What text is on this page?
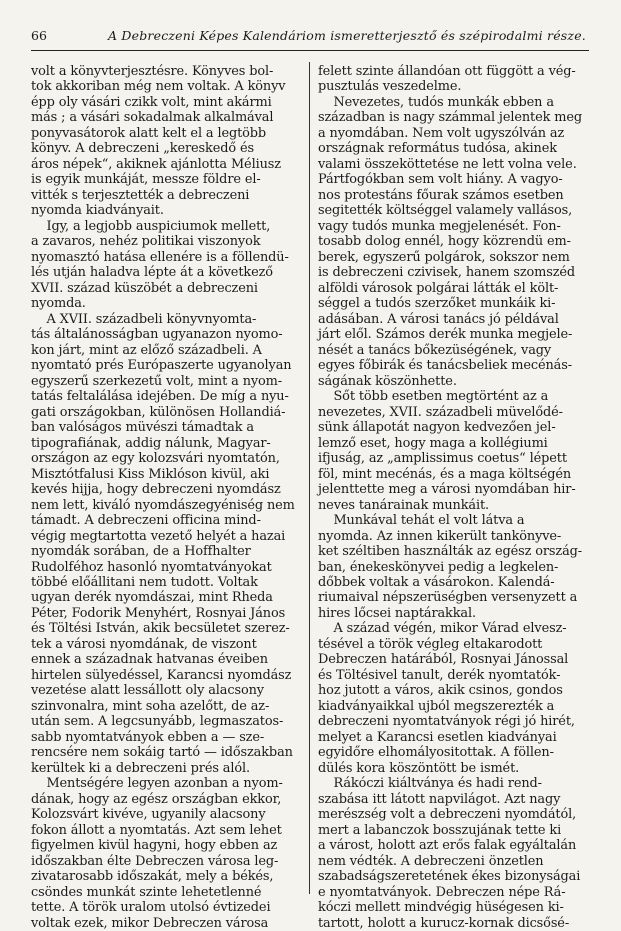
66	A Debreczeni Képes Kalendáriom ismeretterjesztő és szépirodalmi része.

volt a könyvterjesztésre. Könyves bol-
tok akkoriban még nem voltak. A könyv
épp oly vásári czikk volt, mint akármi
más ; a vásári sokadalmak alkalmával
ponyvasátorok alatt kelt el a legtöbb
könyv. A debreczeni „kereskedő és
áros népek“, akiknek ajánlotta Méliusz
is egyik munkáját, messze földre el-
vitték s terjesztették a debreczeni
nyomda kiadványait.
Igy, a legjobb auspiciumok mellett,
a zavaros, nehéz politikai viszonyok
nyomasztó hatása ellenére is a föllendü-
lés utján haladva lépte át a következő
XVII. század küszöbét a debreczeni
nyomda.
A XVII. századbeli könyvnyomta-
tás általánosságban ugyanazon nyomo-
kon járt, mint az előző századbeli. A
nyomtató prés Európaszerte ugyanolyan
egyszerű szerkezetű volt, mint a nyom-
tatás feltalálása idejében. De míg a nyu-
gati országokban, különösen Hollandiá-
ban valóságos müvészi támadtak a
tipografiának, addig nálunk, Magyar-
országon az egy kolozsvári nyomtatón,
Misztótfalusi Kiss Miklóson kivül, aki
kevés hijja, hogy debreczeni nyomdász
nem lett, kiváló nyomdászegyéniség nem
támadt. A debreczeni officina mind-
végig megtartotta vezető helyét a hazai
nyomdák sorában, de a Hoffhalter
Rudolféhoz hasonló nyomtatványokat
többé előállitani nem tudott. Voltak
ugyan derék nyomdászai, mint Rheda
Péter, Fodorik Menyhért, Rosnyai János
és Töltési István, akik becsületet szerez-
tek a városi nyomdának, de viszont
ennek a századnak hatvanas éveiben
hirtelen sülyedéssel, Karancsi nyomdász
vezetése alatt lessállott oly alacsony
szinvonalra, mint soha azelőtt, de az-
után sem. A legcsunyább, legmaszatos-
sabb nyomtatványok ebben a — sze-
rencsére nem sokáig tartó — időszakban
kerültek ki a debreczeni prés alól.
Mentségére legyen azonban a nyom-
dának, hogy az egész országban ekkor,
Kolozsvárt kivéve, ugyanily alacsony
fokon állott a nyomtatás. Azt sem lehet
figyelmen kivül hagyni, hogy ebben az
időszakban élte Debreczen városa leg-
zivatarosabb időszakát, mely a békés,
csöndes munkát szinte lehetetlenné
tette. A török uralom utolsó évtizedei
voltak ezek, mikor Debreczen városa

felett szinte állandóan ott függött a vég-
pusztulás veszedelme.
Nevezetes, tudós munkák ebben a
században is nagy számmal jelentek meg
a nyomdában. Nem volt ugyszólván az
országnak református tudósa, akinek
valami összeköttetése ne lett volna vele.
Pártfogókban sem volt hiány. A vagyo-
nos protestáns főurak számos esetben
segitették költséggel valamely vallásos,
vagy tudós munka megjelenését. Fon-
tosabb dolog ennél, hogy közrendü em-
berek, egyszerű polgárok, sokszor nem
is debreczeni czivisek, hanem szomszéd
alföldi városok polgárai látták el költ-
séggel a tudós szerzőket munkáik ki-
adásában. A városi tanács jó példával
járt elől. Számos derék munka megjele-
nését a tanács bőkezüségének, vagy
egyes főbirák és tanácsbeliek mecénás-
ságának köszönhette.
Sőt több esetben megtörtént az a
nevezetes, XVII. századbeli müvelődé-
sünk állapotát nagyon kedvezően jel-
lemző eset, hogy maga a kollégiumi
ifjuság, az „amplissimus coetus“ lépett
föl, mint mecénás, és a maga költségén
jelenttette meg a városi nyomdában hir-
neves tanárainak munkáit.
Munkával tehát el volt látva a
nyomda. Az innen kikerült tankönyve-
ket széltiben használták az egész ország-
ban, énekeskönyvei pedig a legkelen-
dőbbek voltak a vásárokon. Kalendá-
riumaival népszerüségben versenyzett a
hires lőcsei naptárakkal.
A század végén, mikor Várad elvesz-
tésével a török végleg eltakarodott
Debreczen határából, Rosnyai Jánossal
és Töltésivel tanult, derék nyomtatók-
hoz jutott a város, akik csinos, gondos
kiadványaikkal ujból megszerezték a
debreczeni nyomtatványok régi jó hirét,
melyet a Karancsi esetlen kiadványai
egyidőre elhomályositottak. A föllen-
dülés kora köszöntött be ismét.
Rákóczi kiáltványa és hadi rend-
szabása itt látott napvilágot. Azt nagy
merészség volt a debreczeni nyomdától,
mert a labanczok bosszujának tette ki
a várost, holott azt erős falak egyáltalán
nem védték. A debreczeni önzetlen
szabadságszeretetének ékes bizonyságai
e nyomtatványok. Debreczen népe Rá-
kóczi mellett mindvégig hüségesen ki-
tartott, holott a kurucz-kornak dicsősé-
